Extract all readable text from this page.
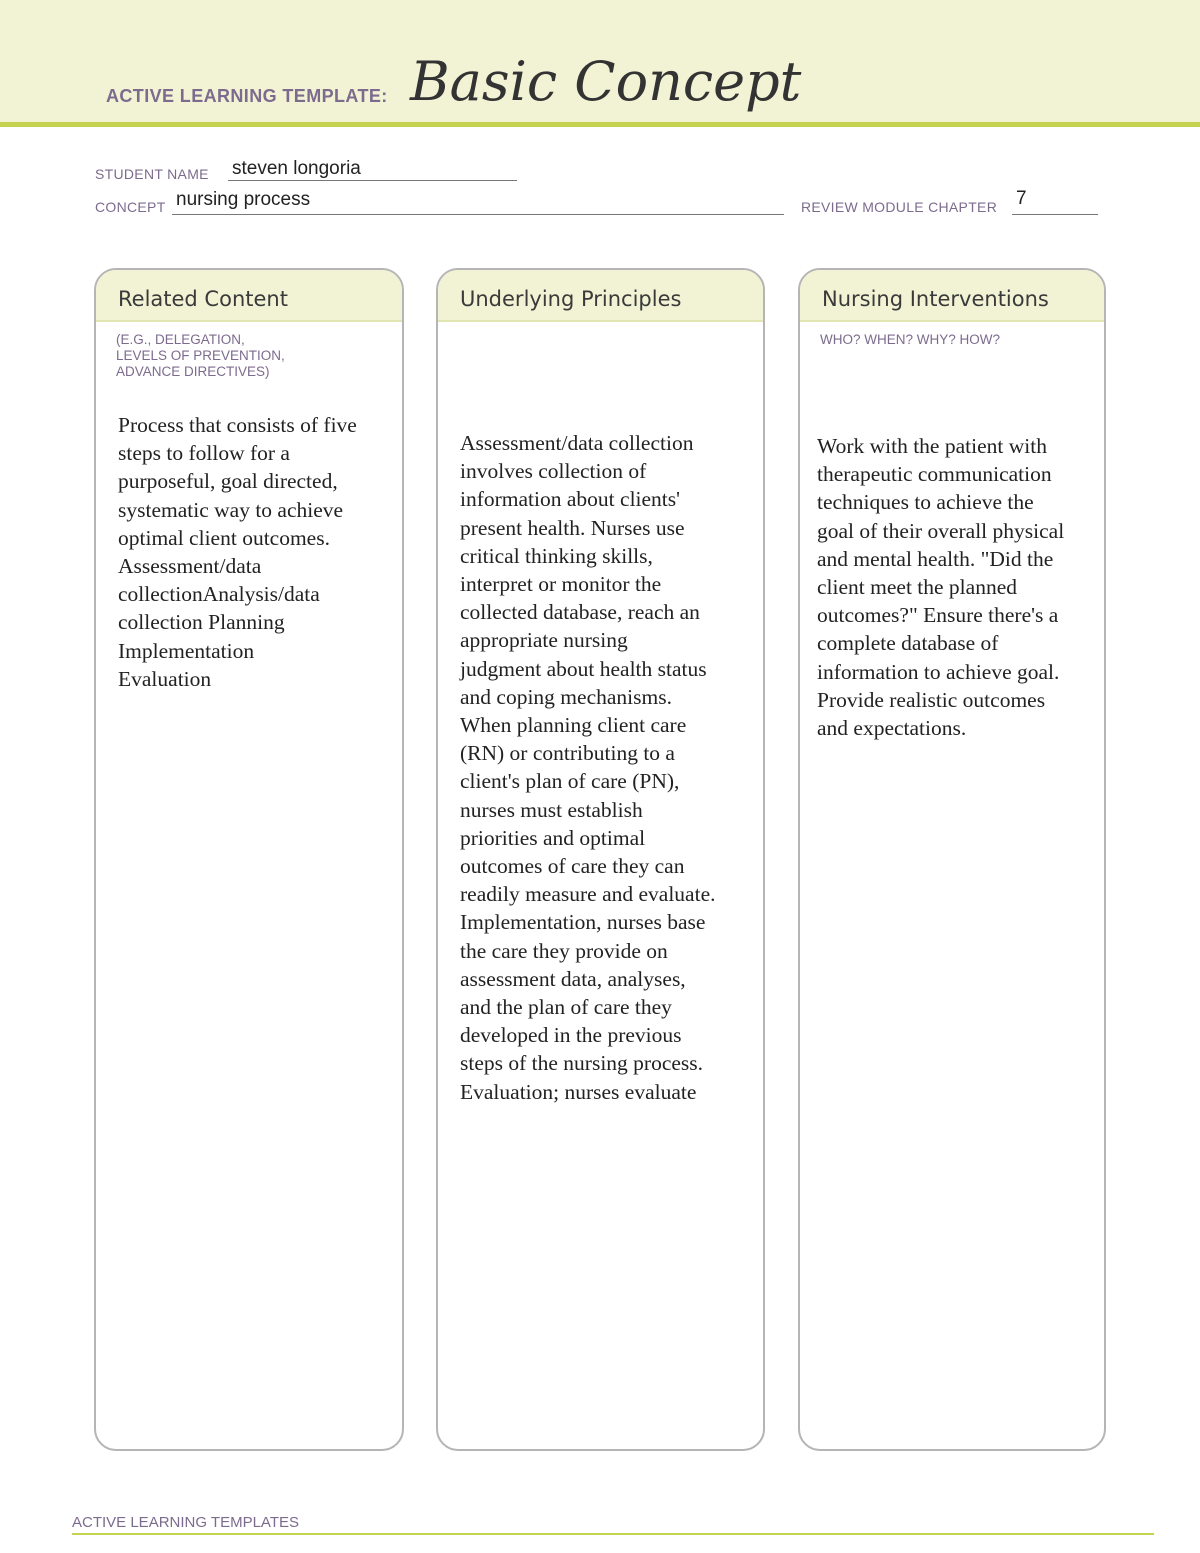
ACTIVE LEARNING TEMPLATE: Basic Concept
STUDENT NAME steven longoria
CONCEPT nursing process	REVIEW MODULE CHAPTER 7
Related Content
(E.G., DELEGATION,
LEVELS OF PREVENTION,
ADVANCE DIRECTIVES)
Process that consists of five
steps to follow for a
purposeful, goal directed,
systematic way to achieve
optimal client outcomes.
Assessment/data
collectionAnalysis/data
collection Planning
Implementation
Evaluation
Underlying Principles
Assessment/data collection
involves collection of
information about clients'
present health. Nurses use
critical thinking skills,
interpret or monitor the
collected database, reach an
appropriate nursing
judgment about health status
and coping mechanisms.
When planning client care
(RN) or contributing to a
client's plan of care (PN),
nurses must establish
priorities and optimal
outcomes of care they can
readily measure and evaluate.
Implementation, nurses base
the care they provide on
assessment data, analyses,
and the plan of care they
developed in the previous
steps of the nursing process.
Evaluation; nurses evaluate
Nursing Interventions
WHO? WHEN? WHY? HOW?
Work with the patient with
therapeutic communication
techniques to achieve the
goal of their overall physical
and mental health. "Did the
client meet the planned
outcomes?" Ensure there's a
complete database of
information to achieve goal.
Provide realistic outcomes
and expectations.
ACTIVE LEARNING TEMPLATES
